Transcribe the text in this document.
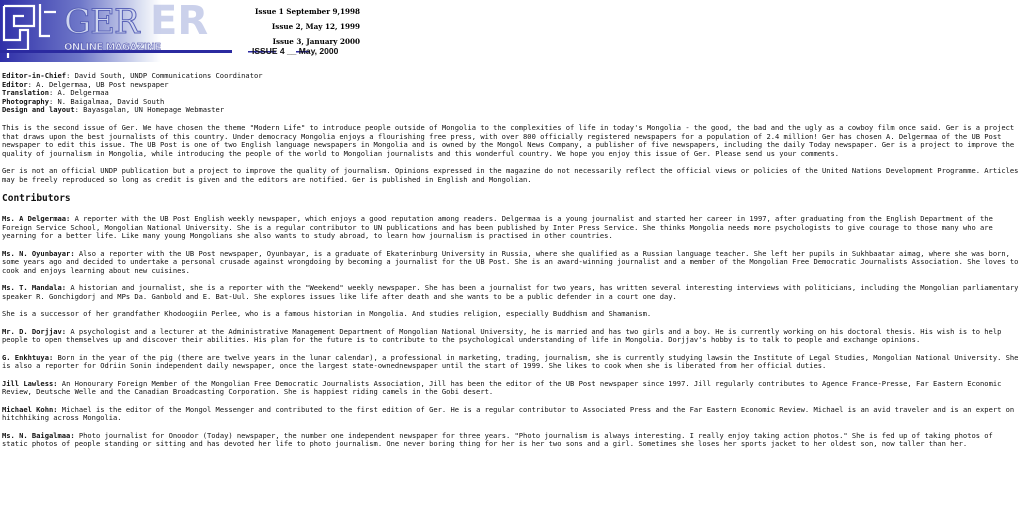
GER ER
ONLINE MAGAZINE
Issue 1 September 9,1998
Issue 2, May 12, 1999
Issue 3, January 2000
ISSUE 4 __ May, 2000

Editor-in-Chief: David South, UNDP Communications Coordinator

Editor: A. Delgermaa, UB Post newspaper

Translation: A. Delgermaa

Photography: N. Baigalmaa, David South

Design and layout: Bayasgalan, UN Homepage Webmaster

This is the second issue of Ger. We have chosen the theme "Modern Life" to introduce people outside of Mongolia to the complexities of life in today's Mongolia - the good, the bad and the ugly as a cowboy film once said. Ger is a project that draws upon the best journalists of this country. Under democracy Mongolia enjoys a flourishing free press, with over 800 officially registered newspapers for a population of 2.4 million! Ger has chosen A. Delgermaa of the UB Post newspaper to edit this issue. The UB Post is one of two English language newspapers in Mongolia and is owned by the Mongol News Company, a publisher of five newspapers, including the daily Today newspaper. Ger is a project to improve the quality of journalism in Mongolia, while introducing the people of the world to Mongolian journalists and this wonderful country. We hope you enjoy this issue of Ger. Please send us your comments.

Ger is not an official UNDP publication but a project to improve the quality of journalism. Opinions expressed in the magazine do not necessarily reflect the official views or policies of the United Nations Development Programme. Articles may be freely reproduced so long as credit is given and the editors are notified. Ger is published in English and Mongolian.

Contributors

Ms. A Delgermaa: A reporter with the UB Post English weekly newspaper, which enjoys a good reputation among readers. Delgermaa is a young journalist and started her career in 1997, after graduating from the English Department of the Foreign Service School, Mongolian National University. She is a regular contributor to UN publications and has been published by Inter Press Service. She thinks Mongolia needs more psychologists to give courage to those many who are yearning for a better life. Like many young Mongolians she also wants to study abroad, to learn how journalism is practised in other countries.

Ms. N. Oyunbayar: Also a reporter with the UB Post newspaper, Oyunbayar, is a graduate of Ekaterinburg University in Russia, where she qualified as a Russian language teacher. She left her pupils in Sukhbaatar aimag, where she was born, some years ago and decided to undertake a personal crusade against wrongdoing by becoming a journalist for the UB Post. She is an award-winning journalist and a member of the Mongolian Free Democratic Journalists Association. She loves to cook and enjoys learning about new cuisines.

Ms. T. Mandala: A historian and journalist, she is a reporter with the "Weekend" weekly newspaper. She has been a journalist for two years, has written several interesting interviews with politicians, including the Mongolian parliamentary speaker R. Gonchigdorj and MPs Da. Ganbold and E. Bat-Uul. She explores issues like life after death and she wants to be a public defender in a court one day.

She is a successor of her grandfather Khodoogiin Perlee, who is a famous historian in Mongolia. And studies religion, especially Buddhism and Shamanism.

Mr. D. Dorjjav: A psychologist and a lecturer at the Administrative Management Department of Mongolian National University, he is married and has two girls and a boy. He is currently working on his doctoral thesis. His wish is to help people to open themselves up and discover their abilities. His plan for the future is to contribute to the psychological understanding of life in Mongolia. Dorjjav's hobby is to talk to people and exchange opinions.

G. Enkhtuya: Born in the year of the pig (there are twelve years in the lunar calendar), a professional in marketing, trading, journalism, she is currently studying lawsin the Institute of Legal Studies, Mongolian National University. She is also a reporter for Odriin Sonin independent daily newspaper, once the largest state-ownednewspaper until the start of 1999. She likes to cook when she is liberated from her official duties.

Jill Lawless: An Honourary Foreign Member of the Mongolian Free Democratic Journalists Association, Jill has been the editor of the UB Post newspaper since 1997. Jill regularly contributes to Agence France-Presse, Far Eastern Economic Review, Deutsche Welle and the Canadian Broadcasting Corporation. She is happiest riding camels in the Gobi desert.

Michael Kohn: Michael is the editor of the Mongol Messenger and contributed to the first edition of Ger. He is a regular contributor to Associated Press and the Far Eastern Economic Review. Michael is an avid traveler and is an expert on hitchhiking across Mongolia.

Ms. N. Baigalmaa: Photo journalist for Onoodor (Today) newspaper, the number one independent newspaper for three years. "Photo journalism is always interesting. I really enjoy taking action photos." She is fed up of taking photos of static photos of people standing or sitting and has devoted her life to photo journalism. One never boring thing for her is her two sons and a girl. Sometimes she loses her sports jacket to her oldest son, now taller than her.
